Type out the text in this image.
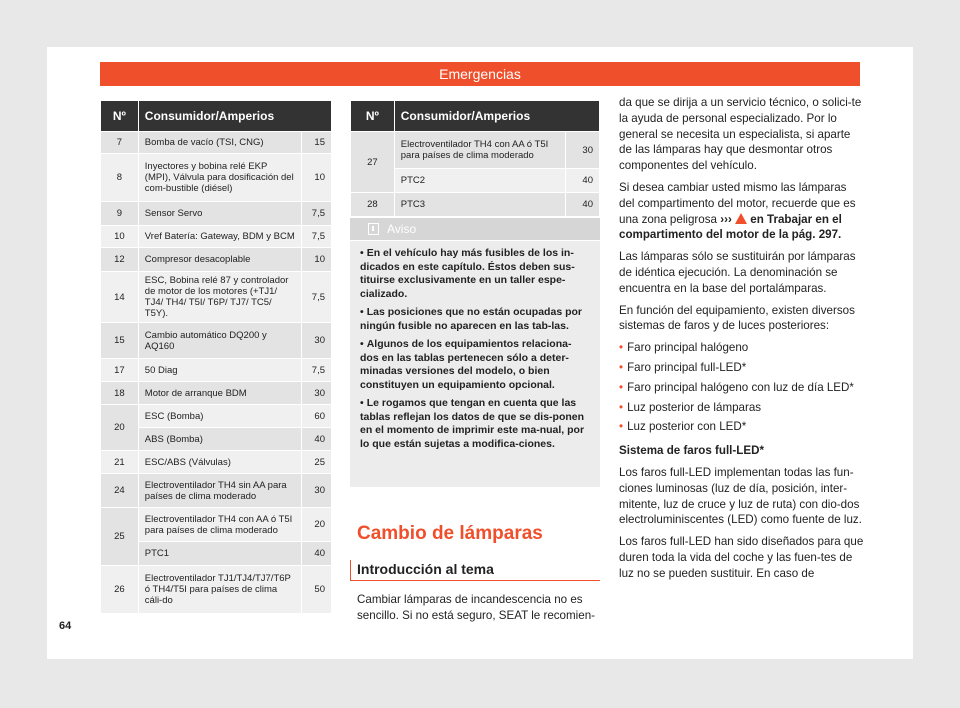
Emergencias
Nº	Consumidor/Amperios	
7	Bomba de vacío (TSI, CNG)	15
8	Inyectores y bobina relé EKP (MPI), Válvula para dosificación del com-bustible (diésel)	10
9	Sensor Servo	7,5
10	Vref Batería: Gateway, BDM y BCM	7,5
12	Compresor desacoplable	10
14	ESC, Bobina relé 87 y controlador de motor de los motores (+TJ1/ TJ4/ TH4/ T5I/ T6P/ TJ7/ TC5/ T5Y).	7,5
15	Cambio automático DQ200 y AQ160	30
17	50 Diag	7,5
18	Motor de arranque BDM	30
20	ESC (Bomba)	60
	ABS (Bomba)	40
21	ESC/ABS (Válvulas)	25
24	Electroventilador TH4 sin AA para países de clima moderado	30
25	Electroventilador TH4 con AA ó T5I para países de clima moderado	20
	PTC1	40
26	Electroventilador TJ1/TJ4/TJ7/T6P ó TH4/T5I para países de clima cáli-do	50
Nº	Consumidor/Amperios	
27	Electroventilador TH4 con AA ó T5I para países de clima moderado	30
	PTC2	40
28	PTC3	40
Aviso

• En el vehículo hay más fusibles de los in-dicados en este capítulo. Éstos deben sus-tituirse exclusivamente en un taller espe-cializado.

• Las posiciones que no están ocupadas por ningún fusible no aparecen en las tab-las.

• Algunos de los equipamientos relaciona-dos en las tablas pertenecen sólo a deter-minadas versiones del modelo, o bien constituyen un equipamiento opcional.

• Le rogamos que tengan en cuenta que las tablas reflejan los datos de que se dis-ponen en el momento de imprimir este ma-nual, por lo que están sujetas a modifica-ciones.

Cambio de lámparas
Introducción al tema
Cambiar lámparas de incandescencia no es sencillo. Si no está seguro, SEAT le recomien-

da que se dirija a un servicio técnico, o solici-te la ayuda de personal especializado. Por lo general se necesita un especialista, si aparte de las lámparas hay que desmontar otros componentes del vehículo.

Si desea cambiar usted mismo las lámparas del compartimento del motor, recuerde que es una zona peligrosa ››› en Trabajar en el compartimento del motor de la pág. 297.

Las lámparas sólo se sustituirán por lámparas de idéntica ejecución. La denominación se encuentra en la base del portalámparas.

En función del equipamiento, existen diversos sistemas de faros y de luces posteriores:

• Faro principal halógeno

• Faro principal full-LED*

• Faro principal halógeno con luz de día LED*

• Luz posterior de lámparas

• Luz posterior con LED*

Sistema de faros full-LED*

Los faros full-LED implementan todas las fun-ciones luminosas (luz de día, posición, inter-mitente, luz de cruce y luz de ruta) con dio-dos electroluminiscentes (LED) como fuente de luz.

Los faros full-LED han sido diseñados para que duren toda la vida del coche y las fuen-tes de luz no se pueden sustituir. En caso de

64
